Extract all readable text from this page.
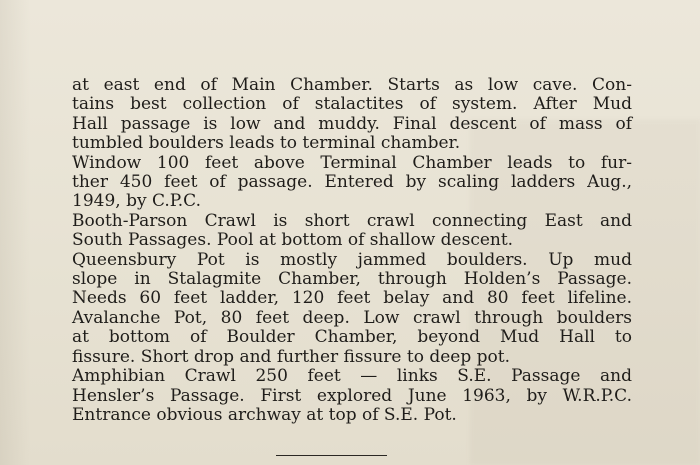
at east end of Main Chamber. Starts as low cave. Con-
tains best collection of stalactites of system. After Mud
Hall passage is low and muddy. Final descent of mass of
tumbled boulders leads to terminal chamber.
Window 100 feet above Terminal Chamber leads to fur-
ther 450 feet of passage. Entered by scaling ladders Aug.,
1949, by C.P.C.
Booth-Parson Crawl is short crawl connecting East and
South Passages. Pool at bottom of shallow descent.
Queensbury Pot is mostly jammed boulders. Up mud
slope in Stalagmite Chamber, through Holden’s Passage.
Needs 60 feet ladder, 120 feet belay and 80 feet lifeline.
Avalanche Pot, 80 feet deep. Low crawl through boulders
at bottom of Boulder Chamber, beyond Mud Hall to
fissure. Short drop and further fissure to deep pot.
Amphibian Crawl 250 feet — links S.E. Passage and
Hensler’s Passage. First explored June 1963, by W.R.P.C.
Entrance obvious archway at top of S.E. Pot.
